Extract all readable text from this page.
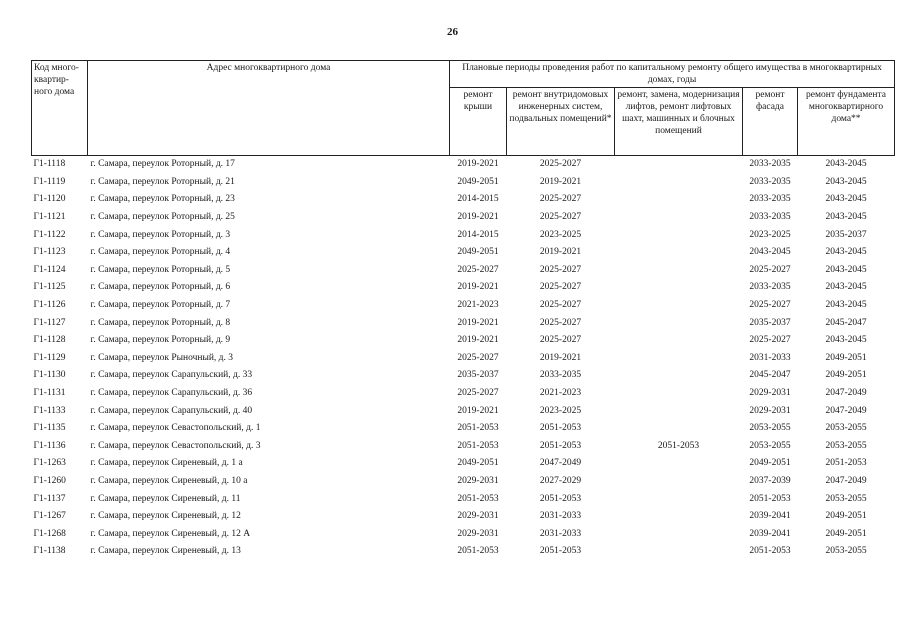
26
Код много-квартир-ного дома	Адрес многоквартирного дома	Плановые периоды проведения работ по капитальному ремонту общего имущества в многоквартирных домах, годы				
		ремонт крыши	ремонт внутридомовых инженерных систем, подвальных помещений*	ремонт, замена, модернизация лифтов, ремонт лифтовых шахт, машинных и блочных помещений	ремонт фасада	ремонт фундамента многоквартирного дома**
Г1-1118	г. Самара, переулок Роторный, д. 17	2019-2021	2025-2027		2033-2035	2043-2045
Г1-1119	г. Самара, переулок Роторный, д. 21	2049-2051	2019-2021		2033-2035	2043-2045
Г1-1120	г. Самара, переулок Роторный, д. 23	2014-2015	2025-2027		2033-2035	2043-2045
Г1-1121	г. Самара, переулок Роторный, д. 25	2019-2021	2025-2027		2033-2035	2043-2045
Г1-1122	г. Самара, переулок Роторный, д. 3	2014-2015	2023-2025		2023-2025	2035-2037
Г1-1123	г. Самара, переулок Роторный, д. 4	2049-2051	2019-2021		2043-2045	2043-2045
Г1-1124	г. Самара, переулок Роторный, д. 5	2025-2027	2025-2027		2025-2027	2043-2045
Г1-1125	г. Самара, переулок Роторный, д. 6	2019-2021	2025-2027		2033-2035	2043-2045
Г1-1126	г. Самара, переулок Роторный, д. 7	2021-2023	2025-2027		2025-2027	2043-2045
Г1-1127	г. Самара, переулок Роторный, д. 8	2019-2021	2025-2027		2035-2037	2045-2047
Г1-1128	г. Самара, переулок Роторный, д. 9	2019-2021	2025-2027		2025-2027	2043-2045
Г1-1129	г. Самара, переулок Рыночный, д. 3	2025-2027	2019-2021		2031-2033	2049-2051
Г1-1130	г. Самара, переулок Сарапульский, д. 33	2035-2037	2033-2035		2045-2047	2049-2051
Г1-1131	г. Самара, переулок Сарапульский, д. 36	2025-2027	2021-2023		2029-2031	2047-2049
Г1-1133	г. Самара, переулок Сарапульский, д. 40	2019-2021	2023-2025		2029-2031	2047-2049
Г1-1135	г. Самара, переулок Севастопольский, д. 1	2051-2053	2051-2053		2053-2055	2053-2055
Г1-1136	г. Самара, переулок Севастопольский, д. 3	2051-2053	2051-2053	2051-2053	2053-2055	2053-2055
Г1-1263	г. Самара, переулок Сиреневый, д. 1 а	2049-2051	2047-2049		2049-2051	2051-2053
Г1-1260	г. Самара, переулок Сиреневый, д. 10 а	2029-2031	2027-2029		2037-2039	2047-2049
Г1-1137	г. Самара, переулок Сиреневый, д. 11	2051-2053	2051-2053		2051-2053	2053-2055
Г1-1267	г. Самара, переулок Сиреневый, д. 12	2029-2031	2031-2033		2039-2041	2049-2051
Г1-1268	г. Самара, переулок Сиреневый, д. 12 А	2029-2031	2031-2033		2039-2041	2049-2051
Г1-1138	г. Самара, переулок Сиреневый, д. 13	2051-2053	2051-2053		2051-2053	2053-2055
